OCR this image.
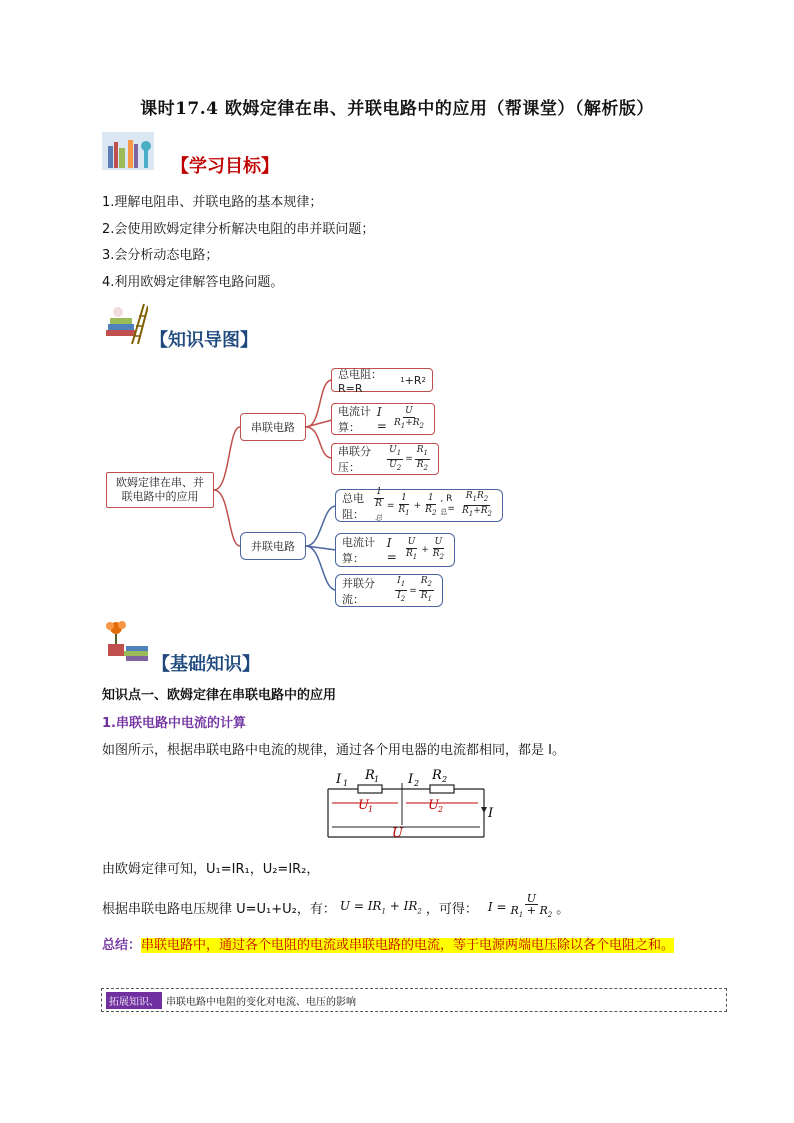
课时17.4 欧姆定律在串、并联电路中的应用（帮课堂）（解析版）
【学习目标】
1.理解电阻串、并联电路的基本规律；
2.会使用欧姆定律分析解决电阻的串并联问题；
3.会分析动态电路；
4.利用欧姆定律解答电路问题。
【知识导图】
欧姆定律在串、并联电路中的应用
串联电路
并联电路
总电阻：R=R
1 +R 2
电流计算：
$I = \frac{U}{R_1+R_2}$
串联分压：	$\frac{U_1}{U_2} = \frac{R_1}{R_2}$
总电阻：	$\frac{1}{R_总} = \frac{1}{R_1} + \frac{1}{R_2}$ , $R_总= \frac{R_1R_2}{R_1+R_2}$
电流计算：
$I = \frac{U}{R_1} + \frac{U}{R_2}$
并联分流：	$\frac{I_1}{I_2} = \frac{R_2}{R_1}$
【基础知识】
知识点一、欧姆定律在串联电路中的应用
1.串联电路中电流的计算
如图所示，根据串联电路中电流的规律，通过各个用电器的电流都相同，都是 I。
I 1
R 1 I 2
R 2
U 1	U 2	I
U
由欧姆定律可知，U₁=IR₁，U₂=IR₂，
根据串联电路电压规律 U=U₁+U₂，有： $U = IR_1 + IR_2$ ，可得： $I = \frac{U}{R_1 + R_2}$ 。
总结：串联电路中，通过各个电阻的电流或串联电路的电流，等于电源两端电压除以各个电阻之和。
拓展知识、 串联电路中电阻的变化对电流、电压的影响
